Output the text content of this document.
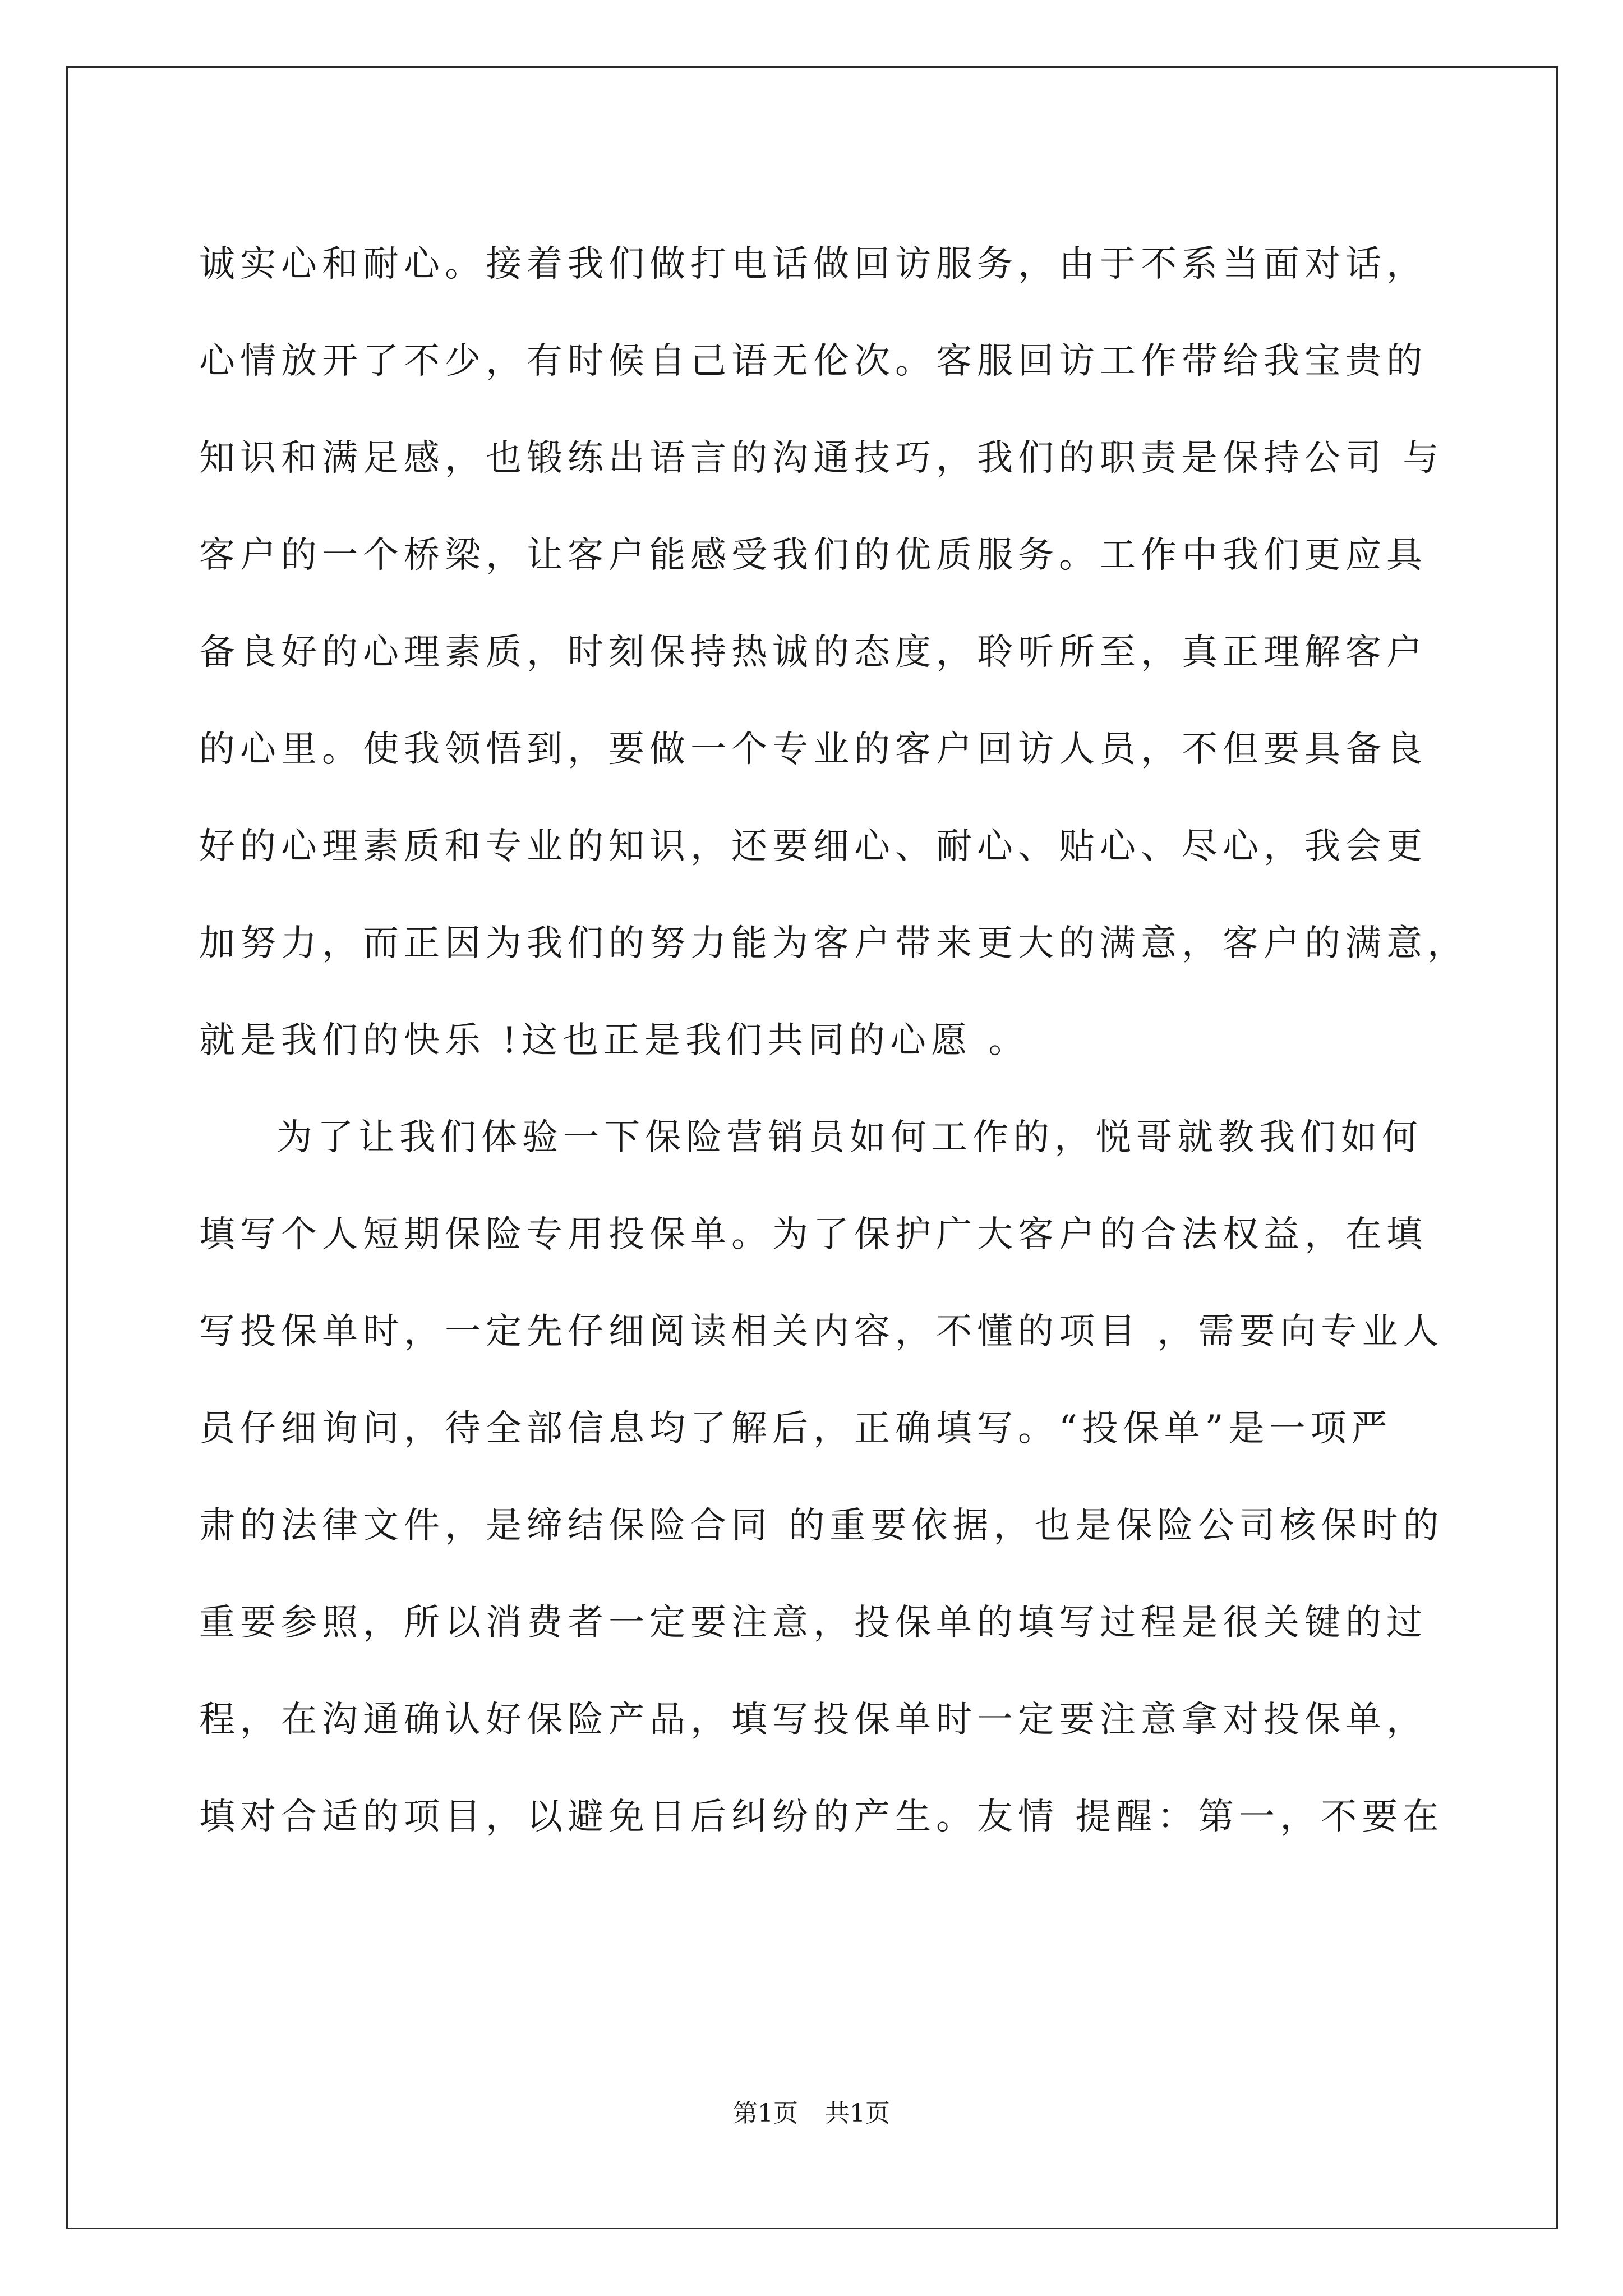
诚实心和耐心。接着我们做打电话做回访服务，由于不系当面对话，
心情放开了不少，有时候自己语无伦次。客服回访工作带给我宝贵的
知识和满足感，也锻练出语言的沟通技巧，我们的职责是保持公司 与
客户的一个桥梁，让客户能感受我们的优质服务。工作中我们更应具
备良好的心理素质，时刻保持热诚的态度，聆听所至，真正理解客户
的心里。使我领悟到，要做一个专业的客户回访人员，不但要具备良
好的心理素质和专业的知识，还要细心、耐心、贴心、尽心，我会更
加努力，而正因为我们的努力能为客户带来更大的满意，客户的满意，
就是我们的快乐 !这也正是我们共同的心愿 。
为了让我们体验一下保险营销员如何工作的，悦哥就教我们如何
填写个人短期保险专用投保单。为了保护广大客户的合法权益，在填
写投保单时，一定先仔细阅读相关内容，不懂的项目 ，需要向专业人
员仔细询问，待全部信息均了解后，正确填写。“投保单”是一项严
肃的法律文件，是缔结保险合同 的重要依据，也是保险公司核保时的
重要参照，所以消费者一定要注意，投保单的填写过程是很关键的过
程，在沟通确认好保险产品，填写投保单时一定要注意拿对投保单，
填对合适的项目，以避免日后纠纷的产生。友情 提醒：第一，不要在
第1页 共1页
